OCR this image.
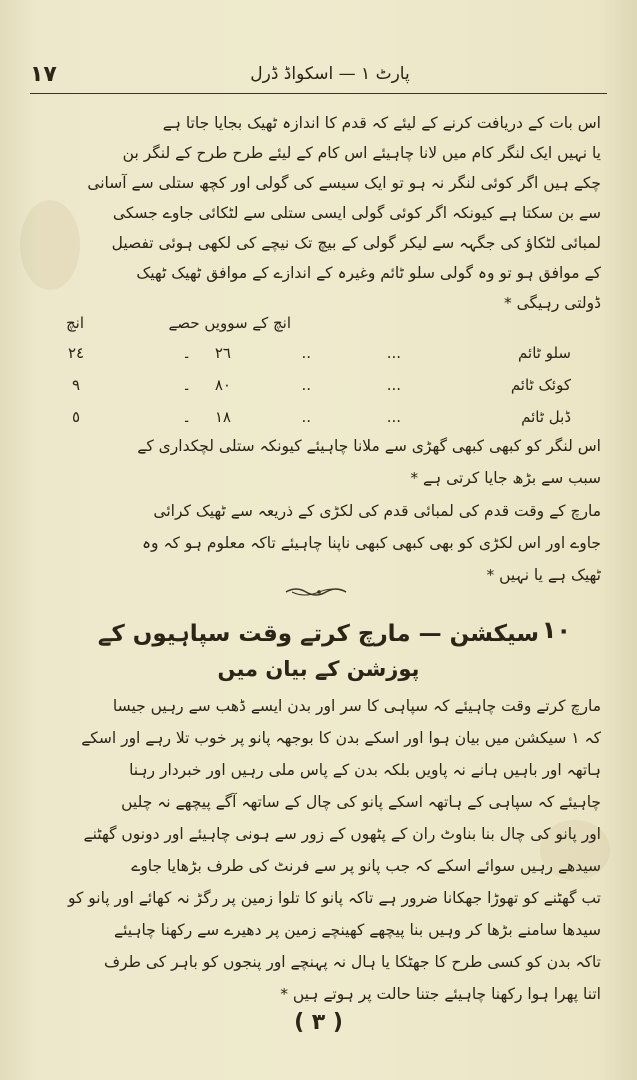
١٧	پارٹ ١ — اسکواڈ ڈرل
اس بات کے دریافت کرنے کے لیئے کہ قدم کا اندازہ ٹھیک بجایا جاتا ہے
یا نہیں ایک لنگر کام میں لانا چاہیئے اس کام کے لیئے طرح طرح کے لنگر بن
چکے ہیں اگر کوئی لنگر نہ ہو تو ایک سیسے کی گولی اور کچھ ستلی سے آسانی
سے بن سکتا ہے کیونکہ اگر کوئی گولی ایسی ستلی سے لٹکائی جاوے جسکی
لمبائی لٹکاؤ کی جگہہ سے لیکر گولی کے بیچ تک نیچے کی لکھی ہوئی تفصیل
کے موافق ہو تو وہ گولی سلو ٹائم وغیرہ کے اندازے کے موافق ٹھیک ٹھیک
ڈولتی رہیگی *
انچ کے سوویں حصے
انچ
سلو ٹائم
...
..
٢٦
۔
٢٤
کوئک ٹائم
...
..
٨٠
۔
٩
ڈبل ٹائم
...
..
١٨
۔
٥
اس لنگر کو کبھی کبھی گھڑی سے ملانا چاہیئے کیونکہ ستلی لچکداری کے
سبب سے بڑھ جایا کرتی ہے *
مارچ کے وقت قدم کی لمبائی قدم کی لکڑی کے ذریعہ سے ٹھیک کرائی
جاوے اور اس لکڑی کو بھی کبھی کبھی ناپنا چاہیئے تاکہ معلوم ہو کہ وہ
ٹھیک ہے یا نہیں *
١٠
سیکشن — مارچ کرتے وقت سپاہیوں کے
پوزشن کے بیان میں
مارچ کرتے وقت چاہیئے کہ سپاہی کا سر اور بدن ایسے ڈھب سے رہیں جیسا
کہ ١ سیکشن میں بیان ہوا اور اسکے بدن کا بوجھہ پانو پر خوب تلا رہے اور اسکے
ہاتھہ اور باہیں ہانے نہ پاویں بلکہ بدن کے پاس ملی رہیں اور خبردار رہنا
چاہیئے کہ سپاہی کے ہاتھہ اسکے پانو کی چال کے ساتھہ آگے پیچھے نہ چلیں
اور پانو کی چال بنا بناوٹ ران کے پٹھوں کے زور سے ہونی چاہیئے اور دونوں گھٹنے
سیدھے رہیں سوائے اسکے کہ جب پانو پر سے فرنٹ کی طرف بڑھایا جاوے
تب گھٹنے کو تھوڑا جھکانا ضرور ہے تاکہ پانو کا تلوا زمین پر رگڑ نہ کھائے اور پانو کو
سیدھا سامنے بڑھا کر وہیں بنا پیچھے کھینچے زمین پر دھیرے سے رکھنا چاہیئے
تاکہ بدن کو کسی طرح کا جھٹکا یا ہال نہ پہنچے اور پنجوں کو باہر کی طرف
اتنا پھرا ہوا رکھنا چاہیئے جتنا حالت پر ہوتے ہیں *
( ٣ )
